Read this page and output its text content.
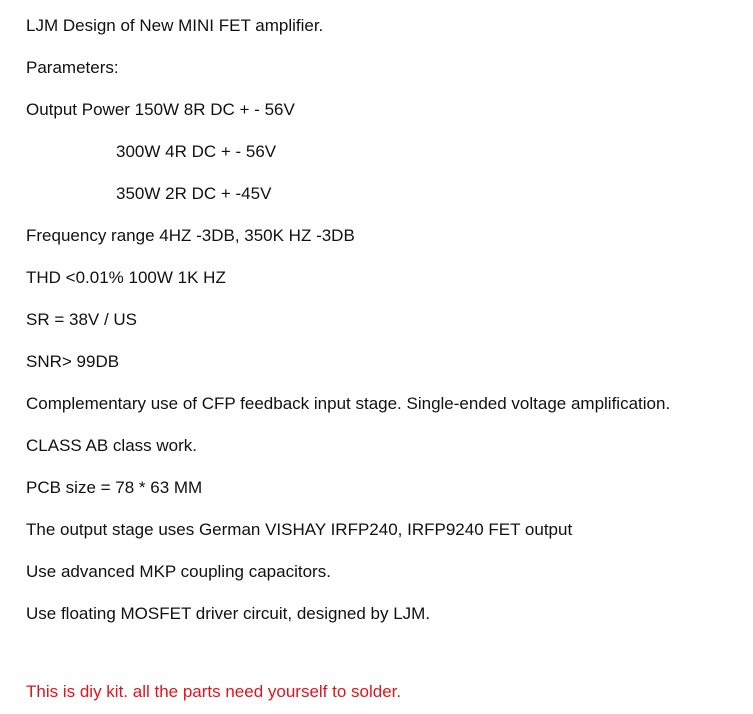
LJM Design of New MINI FET amplifier.
Parameters:
Output Power 150W 8R DC + - 56V
300W 4R DC + - 56V
350W 2R DC + -45V
Frequency range 4HZ -3DB, 350K HZ -3DB
THD <0.01% 100W 1K HZ
SR = 38V / US
SNR> 99DB
Complementary use of CFP feedback input stage. Single-ended voltage amplification.
CLASS AB class work.
PCB size = 78 * 63 MM
The output stage uses German VISHAY IRFP240, IRFP9240 FET output
Use advanced MKP coupling capacitors.
Use floating MOSFET driver circuit, designed by LJM.
This is diy kit. all the parts need yourself to solder.
